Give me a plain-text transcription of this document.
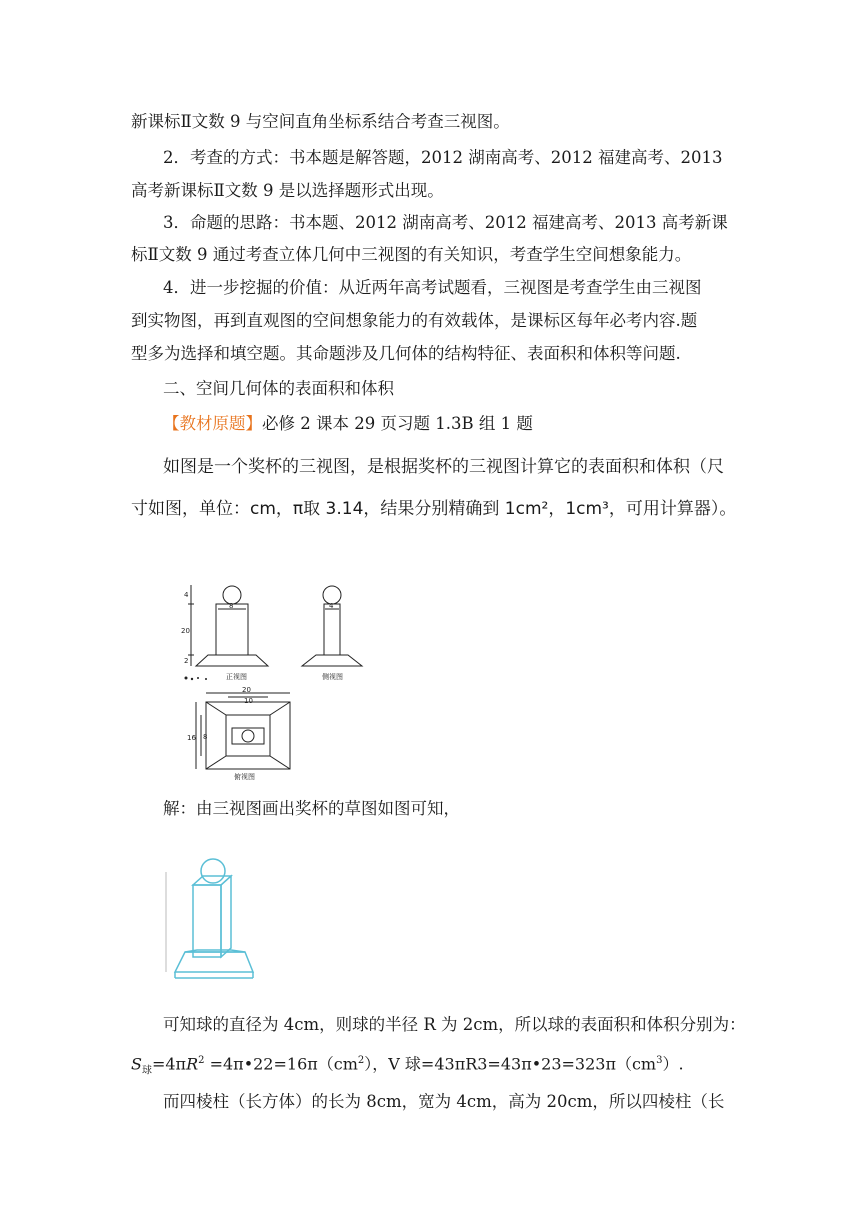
新课标Ⅱ文数 9 与空间直角坐标系结合考查三视图。
2．考查的方式：书本题是解答题，2012 湖南高考、2012 福建高考、2013
高考新课标Ⅱ文数 9 是以选择题形式出现。
3．命题的思路：书本题、2012 湖南高考、2012 福建高考、2013 高考新课
标Ⅱ文数 9 通过考查立体几何中三视图的有关知识，考查学生空间想象能力。
4．进一步挖掘的价值：从近两年高考试题看，三视图是考查学生由三视图
到实物图，再到直观图的空间想象能力的有效载体，是课标区每年必考内容.题
型多为选择和填空题。其命题涉及几何体的结构特征、表面积和体积等问题.
二、空间几何体的表面积和体积
【教材原题】必修 2 课本 29 页习题 1.3B 组 1 题
如图是一个奖杯的三视图，是根据奖杯的三视图计算它的表面积和体积（尺
寸如图，单位：cm，π取 3.14，结果分别精确到 1cm²，1cm³，可用计算器）。
4
20
2
8	4
20
10
16 8
正视图	侧视图
俯视图
解：由三视图画出奖杯的草图如图可知，
可知球的直径为 4cm，则球的半径 R 为 2cm，所以球的表面积和体积分别为：
$S_球=4\pi R^2$ $=4\pi•22=16\pi(cm^2)$，V 球$=43\pi R3=43\pi•23=323\pi(cm^3)$.
而四棱柱（长方体）的长为 8cm，宽为 4cm，高为 20cm，所以四棱柱（长
